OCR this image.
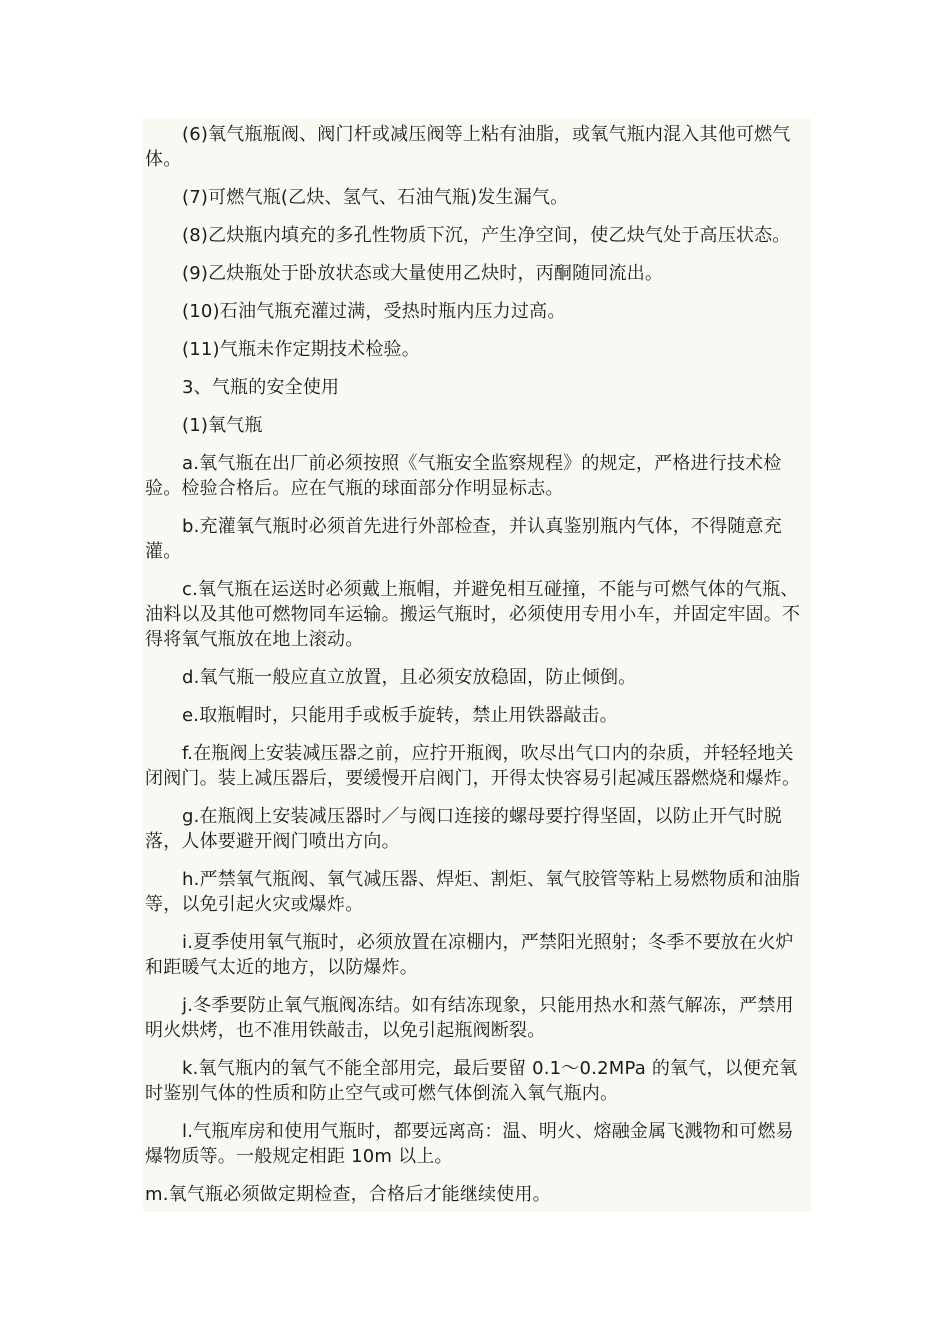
(6)氧气瓶瓶阀、阀门杆或减压阀等上粘有油脂，或氧气瓶内混入其他可燃气体。

(7)可燃气瓶(乙炔、氢气、石油气瓶)发生漏气。

(8)乙炔瓶内填充的多孔性物质下沉，产生净空间，使乙炔气处于高压状态。

(9)乙炔瓶处于卧放状态或大量使用乙炔时，丙酮随同流出。

(10)石油气瓶充灌过满，受热时瓶内压力过高。

(11)气瓶未作定期技术检验。

3、气瓶的安全使用

(1)氧气瓶

a.氧气瓶在出厂前必须按照《气瓶安全监察规程》的规定，严格进行技术检验。检验合格后。应在气瓶的球面部分作明显标志。

b.充灌氧气瓶时必须首先进行外部检查，并认真鉴别瓶内气体，不得随意充灌。

c.氧气瓶在运送时必须戴上瓶帽，并避免相互碰撞，不能与可燃气体的气瓶、油料以及其他可燃物同车运输。搬运气瓶时，必须使用专用小车，并固定牢固。不得将氧气瓶放在地上滚动。

d.氧气瓶一般应直立放置，且必须安放稳固，防止倾倒。

e.取瓶帽时，只能用手或板手旋转，禁止用铁器敲击。

f.在瓶阀上安装减压器之前，应拧开瓶阀，吹尽出气口内的杂质，并轻轻地关闭阀门。装上减压器后，要缓慢开启阀门，开得太快容易引起减压器燃烧和爆炸。

g.在瓶阀上安装减压器时／与阀口连接的螺母要拧得坚固，以防止开气时脱落，人体要避开阀门喷出方向。

h.严禁氧气瓶阀、氧气减压器、焊炬、割炬、氧气胶管等粘上易燃物质和油脂等，以免引起火灾或爆炸。

i.夏季使用氧气瓶时，必须放置在凉棚内，严禁阳光照射；冬季不要放在火炉和距暖气太近的地方，以防爆炸。

j.冬季要防止氧气瓶阀冻结。如有结冻现象，只能用热水和蒸气解冻，严禁用明火烘烤，也不准用铁敲击，以免引起瓶阀断裂。

k.氧气瓶内的氧气不能全部用完，最后要留 0.1～0.2MPa 的氧气，以便充氧时鉴别气体的性质和防止空气或可燃气体倒流入氧气瓶内。

l.气瓶库房和使用气瓶时，都要远离高：温、明火、熔融金属飞溅物和可燃易爆物质等。一般规定相距 10m 以上。

m.氧气瓶必须做定期检查，合格后才能继续使用。
